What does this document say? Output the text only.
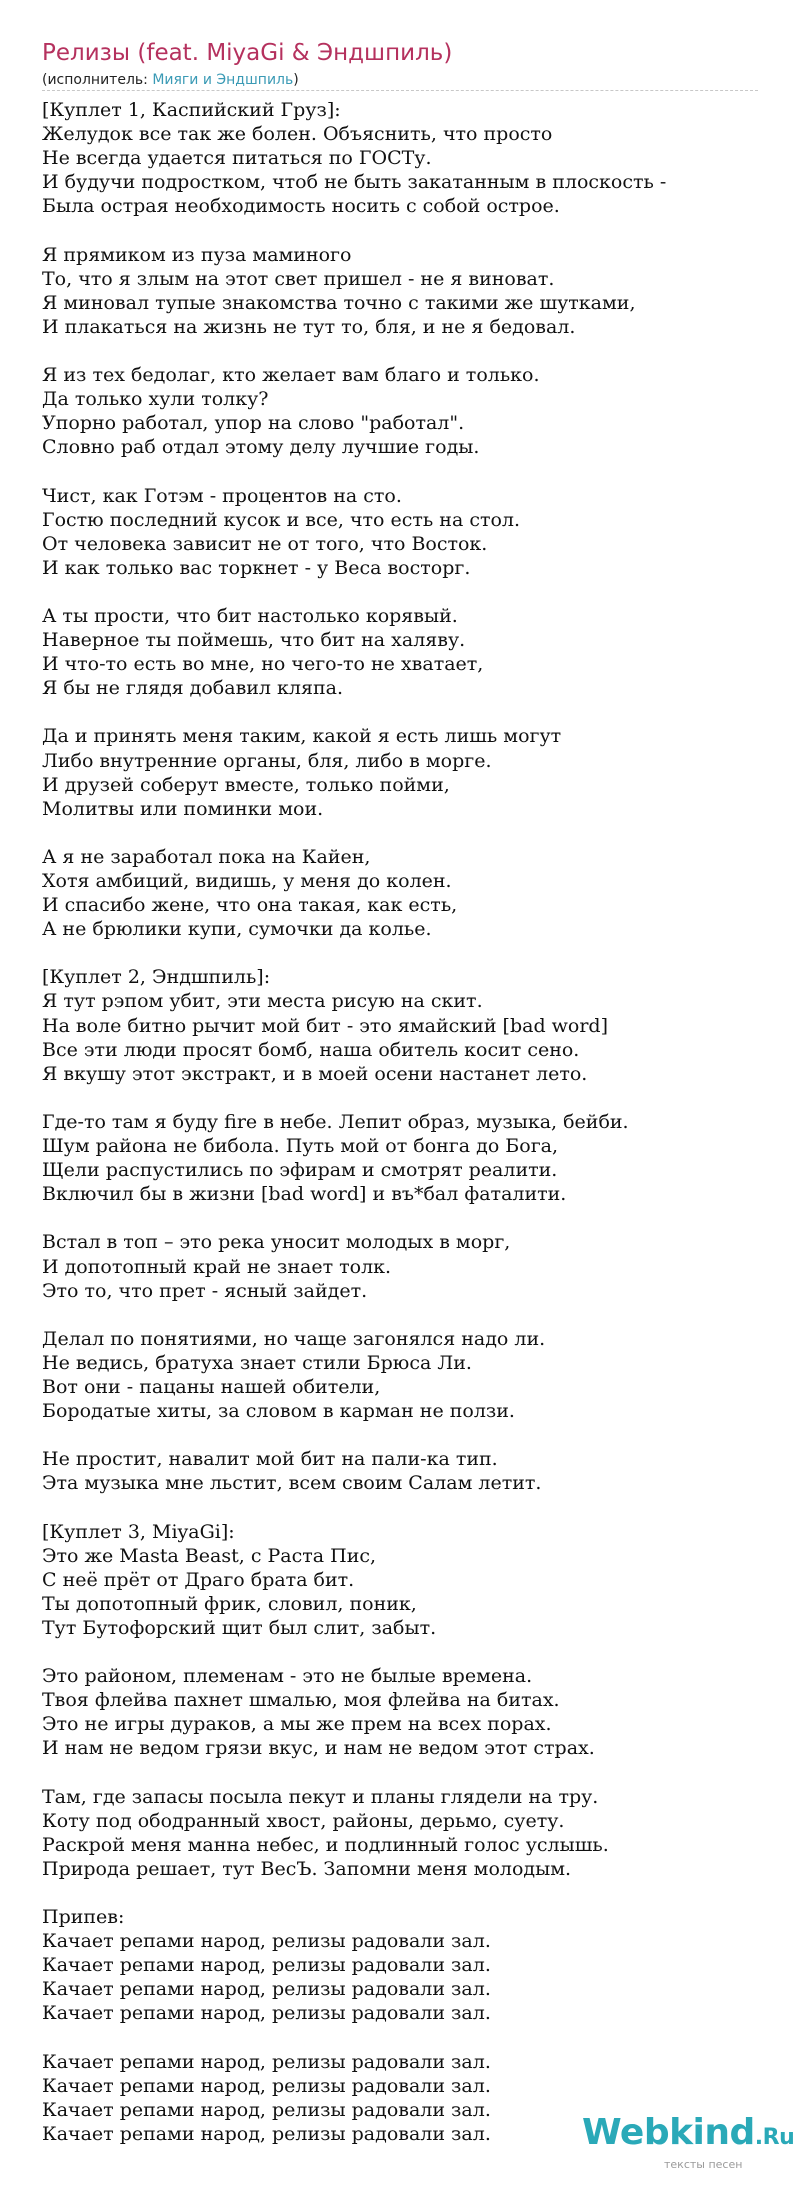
Релизы (feat. MiyaGi & Эндшпиль)
(исполнитель: Мияги и Эндшпиль)
[Куплет 1, Каспийский Груз]:
Желудок все так же болен. Объяснить, что просто
Не всегда удается питаться по ГОСТу.
И будучи подростком, чтоб не быть закатанным в плоскость -
Была острая необходимость носить с собой острое.
Я прямиком из пуза маминого
То, что я злым на этот свет пришел - не я виноват.
Я миновал тупые знакомства точно с такими же шутками,
И плакаться на жизнь не тут то, бля, и не я бедовал.
Я из тех бедолаг, кто желает вам благо и только.
Да только хули толку?
Упорно работал, упор на слово "работал".
Словно раб отдал этому делу лучшие годы.
Чист, как Готэм - процентов на сто.
Гостю последний кусок и все, что есть на стол.
От человека зависит не от того, что Восток.
И как только вас торкнет - у Веса восторг.
А ты прости, что бит настолько корявый.
Наверное ты поймешь, что бит на халяву.
И что-то есть во мне, но чего-то не хватает,
Я бы не глядя добавил кляпа.
Да и принять меня таким, какой я есть лишь могут
Либо внутренние органы, бля, либо в морге.
И друзей соберут вместе, только пойми,
Молитвы или поминки мои.
А я не заработал пока на Кайен,
Хотя амбиций, видишь, у меня до колен.
И спасибо жене, что она такая, как есть,
А не брюлики купи, сумочки да колье.
[Куплет 2, Эндшпиль]:
Я тут рэпом убит, эти места рисую на скит.
На воле битно рычит мой бит - это ямайский [bad word]
Все эти люди просят бомб, наша обитель косит сено.
Я вкушу этот экстракт, и в моей осени настанет лето.
Где-то там я буду fire в небе. Лепит образ, музыка, бейби.
Шум района не бибола. Путь мой от бонга до Бога,
Щели распустились по эфирам и смотрят реалити.
Включил бы в жизни [bad word] и въ*бал фаталити.
Встал в топ – это река уносит молодых в морг,
И допотопный край не знает толк.
Это то, что прет - ясный зайдет.
Делал по понятиями, но чаще загонялся надо ли.
Не ведись, братуха знает стили Брюса Ли.
Вот они - пацаны нашей обители,
Бородатые хиты, за словом в карман не ползи.
Не простит, навалит мой бит на пали-ка тип.
Эта музыка мне льстит, всем своим Салам летит.
[Куплет 3, MiyaGi]:
Это же Masta Beast, с Раста Пис,
С неё прёт от Драго брата бит.
Ты допотопный фрик, словил, поник,
Тут Бутофорский щит был слит, забыт.
Это районом, племенам - это не былые времена.
Твоя флейва пахнет шмалью, моя флейва на битах.
Это не игры дураков, а мы же прем на всех порах.
И нам не ведом грязи вкус, и нам не ведом этот страх.
Там, где запасы посыла пекут и планы глядели на тру.
Коту под ободранный хвост, районы, дерьмо, суету.
Раскрой меня манна небес, и подлинный голос услышь.
Природа решает, тут ВесЪ. Запомни меня молодым.
Припев:
Качает репами народ, релизы радовали зал.
Качает репами народ, релизы радовали зал.
Качает репами народ, релизы радовали зал.
Качает репами народ, релизы радовали зал.
Качает репами народ, релизы радовали зал.
Качает репами народ, релизы радовали зал.
Качает репами народ, релизы радовали зал.
Качает репами народ, релизы радовали зал.	Webkind.Ru
тексты песен
